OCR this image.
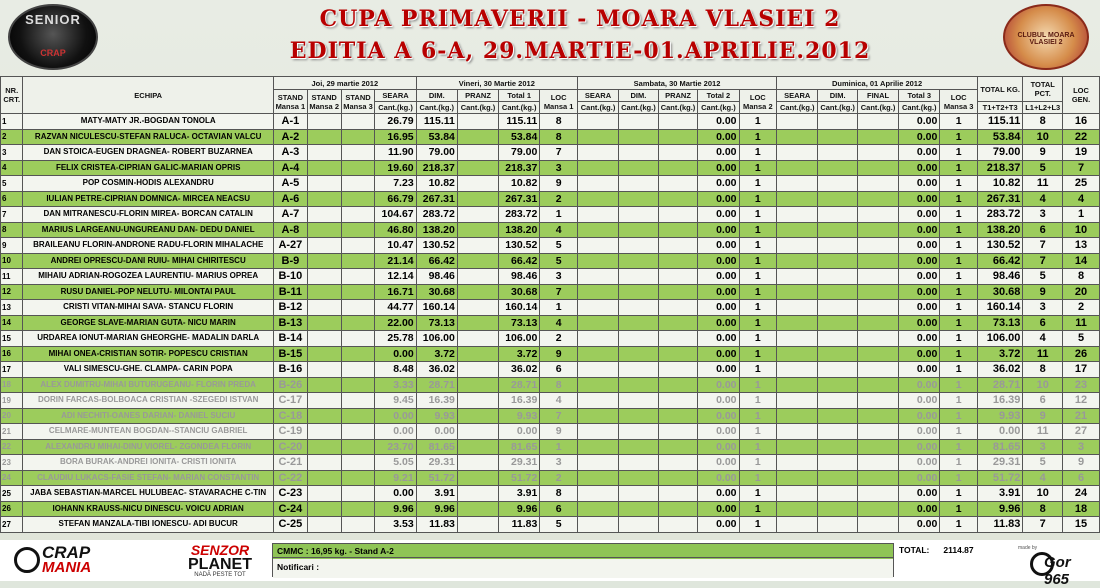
SENIOR
CRAP
CUPA PRIMAVERII - MOARA VLASIEI 2
EDITIA A 6-A, 29.MARTIE-01.APRILIE.2012
CLUBUL MOARA VLASIEI 2
NR. CRT.	ECHIPA	Joi, 29 martie 2012				Vineri, 30 Martie 2012				Sambata, 30 Martie 2012					Duminica, 01 Aprilie 2012					TOTAL KG.	TOTAL PCT.	LOC GEN.
		STAND Mansa 1	STAND Mansa 2	STAND Mansa 3	SEARA	DIM.	PRANZ	Total 1	LOC Mansa 1	SEARA	DIM.	PRANZ	Total 2	LOC Mansa 2	SEARA	DIM.	FINAL	Total 3	LOC Mansa 3			
					Cant.(kg.)	Cant.(kg.)	Cant.(kg.)	Cant.(kg.)		Cant.(kg.)	Cant.(kg.)	Cant.(kg.)	Cant.(kg.)		Cant.(kg.)	Cant.(kg.)	Cant.(kg.)	Cant.(kg.)		T1+T2+T3	L1+L2+L3	
1	MATY-MATY JR.-BOGDAN TONOLA	A-1			26.79	115.11		115.11	8				0.00	1				0.00	1	115.11	8	16
2	RAZVAN NICULESCU-STEFAN RALUCA- OCTAVIAN VALCU	A-2			16.95	53.84		53.84	8				0.00	1				0.00	1	53.84	10	22
3	DAN STOICA-EUGEN DRAGNEA- ROBERT BUZARNEA	A-3			11.90	79.00		79.00	7				0.00	1				0.00	1	79.00	9	19
4	FELIX CRISTEA-CIPRIAN GALIC-MARIAN OPRIS	A-4			19.60	218.37		218.37	3				0.00	1				0.00	1	218.37	5	7
5	POP COSMIN-HODIS ALEXANDRU	A-5			7.23	10.82		10.82	9				0.00	1				0.00	1	10.82	11	25
6	IULIAN PETRE-CIPRIAN DOMNICA- MIRCEA NEACSU	A-6			66.79	267.31		267.31	2				0.00	1				0.00	1	267.31	4	4
7	DAN MITRANESCU-FLORIN MIREA- BORCAN CATALIN	A-7			104.67	283.72		283.72	1				0.00	1				0.00	1	283.72	3	1
8	MARIUS LARGEANU-UNGUREANU DAN- DEDU DANIEL	A-8			46.80	138.20		138.20	4				0.00	1				0.00	1	138.20	6	10
9	BRAILEANU FLORIN-ANDRONE RADU-FLORIN MIHALACHE	A-27			10.47	130.52		130.52	5				0.00	1				0.00	1	130.52	7	13
10	ANDREI OPRESCU-DANI RUIU- MIHAI CHIRITESCU	B-9			21.14	66.42		66.42	5				0.00	1				0.00	1	66.42	7	14
11	MIHAIU ADRIAN-ROGOZEA LAURENTIU- MARIUS OPREA	B-10			12.14	98.46		98.46	3				0.00	1				0.00	1	98.46	5	8
12	RUSU DANIEL-POP NELUTU- MILONTAI PAUL	B-11			16.71	30.68		30.68	7				0.00	1				0.00	1	30.68	9	20
13	CRISTI VITAN-MIHAI SAVA- STANCU FLORIN	B-12			44.77	160.14		160.14	1				0.00	1				0.00	1	160.14	3	2
14	GEORGE SLAVE-MARIAN GUTA- NICU MARIN	B-13			22.00	73.13		73.13	4				0.00	1				0.00	1	73.13	6	11
15	URDAREA IONUT-MARIAN GHEORGHE- MADALIN DARLA	B-14			25.78	106.00		106.00	2				0.00	1				0.00	1	106.00	4	5
16	MIHAI ONEA-CRISTIAN SOTIR- POPESCU CRISTIAN	B-15			0.00	3.72		3.72	9				0.00	1				0.00	1	3.72	11	26
17	VALI SIMESCU-GHE. CLAMPA- CARIN POPA	B-16			8.48	36.02		36.02	6				0.00	1				0.00	1	36.02	8	17
18	ALEX DUMITRU-MIHAI BUTURUGEANU- FLORIN PREDA	B-26			3.33	28.71		28.71	8				0.00	1				0.00	1	28.71	10	23
19	DORIN FARCAS-BOLBOACA CRISTIAN -SZEGEDI ISTVAN	C-17			9.45	16.39		16.39	4				0.00	1				0.00	1	16.39	6	12
20	ADI NECHITI-OANES DARIAN- DANIEL SUCIU	C-18			0.00	9.93		9.93	7				0.00	1				0.00	1	9.93	9	21
21	CELMARE-MUNTEAN BOGDAN--STANCIU GABRIEL	C-19			0.00	0.00		0.00	9				0.00	1				0.00	1	0.00	11	27
22	ALEXANDRU MIHAI-DINU VIOREL- ZGONDEA FLORIN	C-20			23.70	81.65		81.65	1				0.00	1				0.00	1	81.65	3	3
23	BORA BURAK-ANDREI IONITA- CRISTI IONITA	C-21			5.05	29.31		29.31	3				0.00	1				0.00	1	29.31	5	9
24	CLAUDIU LUKACS-FASIE STEFAN- MARIAN CONSTANTIN	C-22			9.21	51.72		51.72	2				0.00	1				0.00	1	51.72	4	6
25	JABA SEBASTIAN-MARCEL HULUBEAC- STAVARACHE C-TIN	C-23			0.00	3.91		3.91	8				0.00	1				0.00	1	3.91	10	24
26	IOHANN KRAUSS-NICU DINESCU- VOICU ADRIAN	C-24			9.96	9.96		9.96	6				0.00	1				0.00	1	9.96	8	18
27	STEFAN MANZALA-TIBI IONESCU- ADI BUCUR	C-25			3.53	11.83		11.83	5				0.00	1				0.00	1	11.83	7	15
CRAP
MANIA
SENZOR
PLANET
NADĂ PESTE TOT
CMMC : 16,95 kg. - Stand A-2
Notificari :
TOTAL: 2114.87	made by
Gor 965
